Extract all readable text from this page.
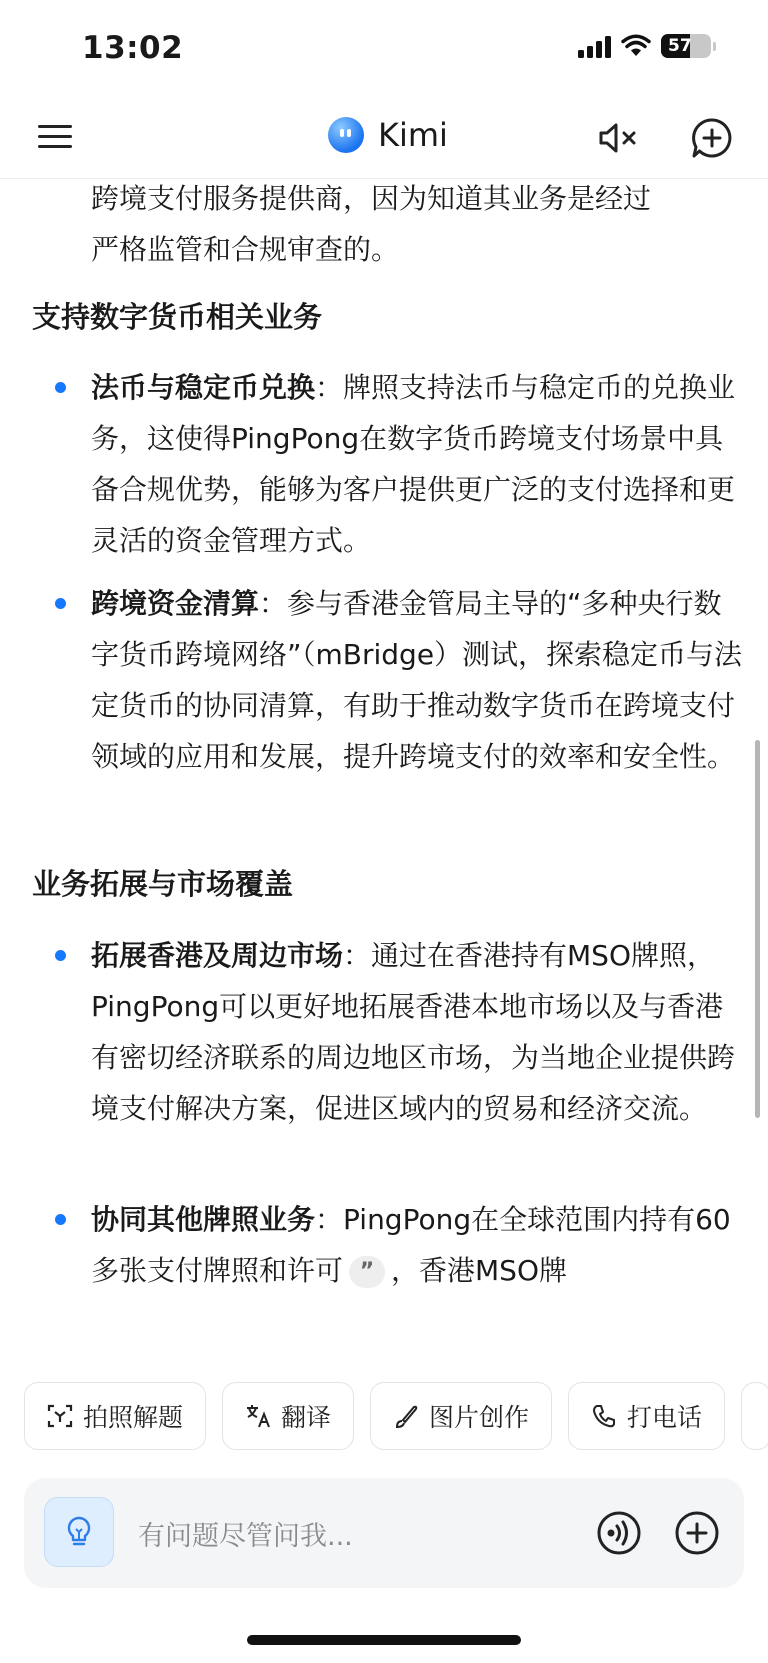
13:02	57
Kimi
跨境支付服务提供商，因为知道其业务是经过
严格监管和合规审查的。
支持数字货币相关业务
法币与稳定币兑换：牌照支持法币与稳定币的兑换业务，这使得PingPong在数字货币跨境支付场景中具备合规优势，能够为客户提供更广泛的支付选择和更灵活的资金管理方式。
跨境资金清算：参与香港金管局主导的“多种央行数字货币跨境网络”（mBridge）测试，探索稳定币与法定货币的协同清算，有助于推动数字货币在跨境支付领域的应用和发展，提升跨境支付的效率和安全性。
业务拓展与市场覆盖
拓展香港及周边市场：通过在香港持有MSO牌照，PingPong可以更好地拓展香港本地市场以及与香港有密切经济联系的周边地区市场，为当地企业提供跨境支付解决方案，促进区域内的贸易和经济交流。
协同其他牌照业务：PingPong在全球范围内持有60多张支付牌照和许可 ” ，香港MSO牌
拍照解题	翻译	图片创作	打电话
有问题尽管问我...
